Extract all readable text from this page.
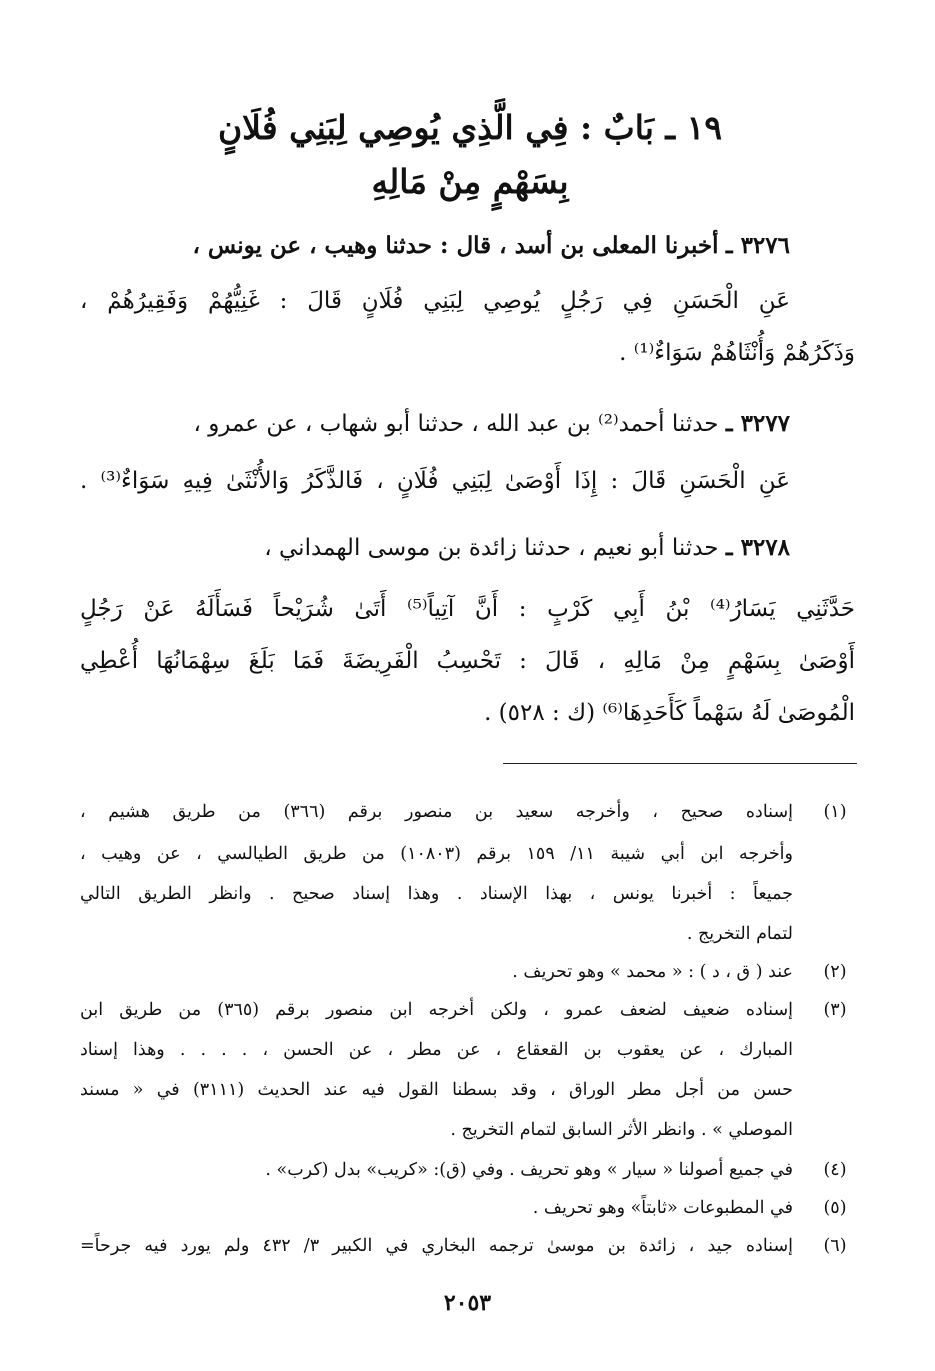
١٩ ـ بَابٌ : فِي الَّذِي يُوصِي لِبَنِي فُلَانٍ
بِسَهْمٍ مِنْ مَالِهِ
٣٢٧٦ ـ أخبرنا المعلى بن أسد ، قال : حدثنا وهيب ، عن يونس ،
عَنِ الْحَسَنِ فِي رَجُلٍ يُوصِي لِبَنِي فُلَانٍ قَالَ : غَنِيُّهُمْ وَفَقِيرُهُمْ ،
وَذَكَرُهُمْ وَأُنْثَاهُمْ سَوَاءٌ⁽¹⁾ .
٣٢٧٧ ـ حدثنا أحمد⁽²⁾ بن عبد الله ، حدثنا أبو شهاب ، عن عمرو ،
عَنِ الْحَسَنِ قَالَ : إِذَا أَوْصَىٰ لِبَنِي فُلَانٍ ، فَالذَّكَرُ وَالأُنْثَىٰ فِيهِ سَوَاءٌ⁽³⁾ .
٣٢٧٨ ـ حدثنا أبو نعيم ، حدثنا زائدة بن موسى الهمداني ،
حَدَّثَنِي يَسَارُ⁽⁴⁾ بْنُ أَبِي كَرْبٍ : أَنَّ آتِياً⁽⁵⁾ أَتَىٰ شُرَيْحاً فَسَأَلَهُ عَنْ رَجُلٍ
أَوْصَىٰ بِسَهْمٍ مِنْ مَالِهِ ، قَالَ : تَحْسِبُ الْفَرِيضَةَ فَمَا بَلَغَ سِهْمَانُهَا أُعْطِي
الْمُوصَىٰ لَهُ سَهْماً كَأَحَدِهَا⁽⁶⁾ (ك : ٥٢٨) .
(١)
إسناده صحيح ، وأخرجه سعيد بن منصور برقم (٣٦٦) من طريق هشيم ،
وأخرجه ابن أبي شيبة ١١/ ١٥٩ برقم (١٠٨٠٣) من طريق الطيالسي ، عن وهيب ،
جميعاً : أخبرنا يونس ، بهذا الإسناد . وهذا إسناد صحيح . وانظر الطريق التالي
لتمام التخريج .
(٢)
عند ( ق ، د ) : « محمد » وهو تحريف .
(٣)
إسناده ضعيف لضعف عمرو ، ولكن أخرجه ابن منصور برقم (٣٦٥) من طريق ابن
المبارك ، عن يعقوب بن القعقاع ، عن مطر ، عن الحسن ، . . . . وهذا إسناد
حسن من أجل مطر الوراق ، وقد بسطنا القول فيه عند الحديث (٣١١١) في « مسند
الموصلي » . وانظر الأثر السابق لتمام التخريج .
(٤)
في جميع أصولنا « سيار » وهو تحريف . وفي (ق): «كريب» بدل (كرب» .
(٥)
في المطبوعات «ثابتاً» وهو تحريف .
(٦)
إسناده جيد ، زائدة بن موسىٰ ترجمه البخاري في الكبير ٣/ ٤٣٢ ولم يورد فيه جرحاً=
٢٠٥٣
